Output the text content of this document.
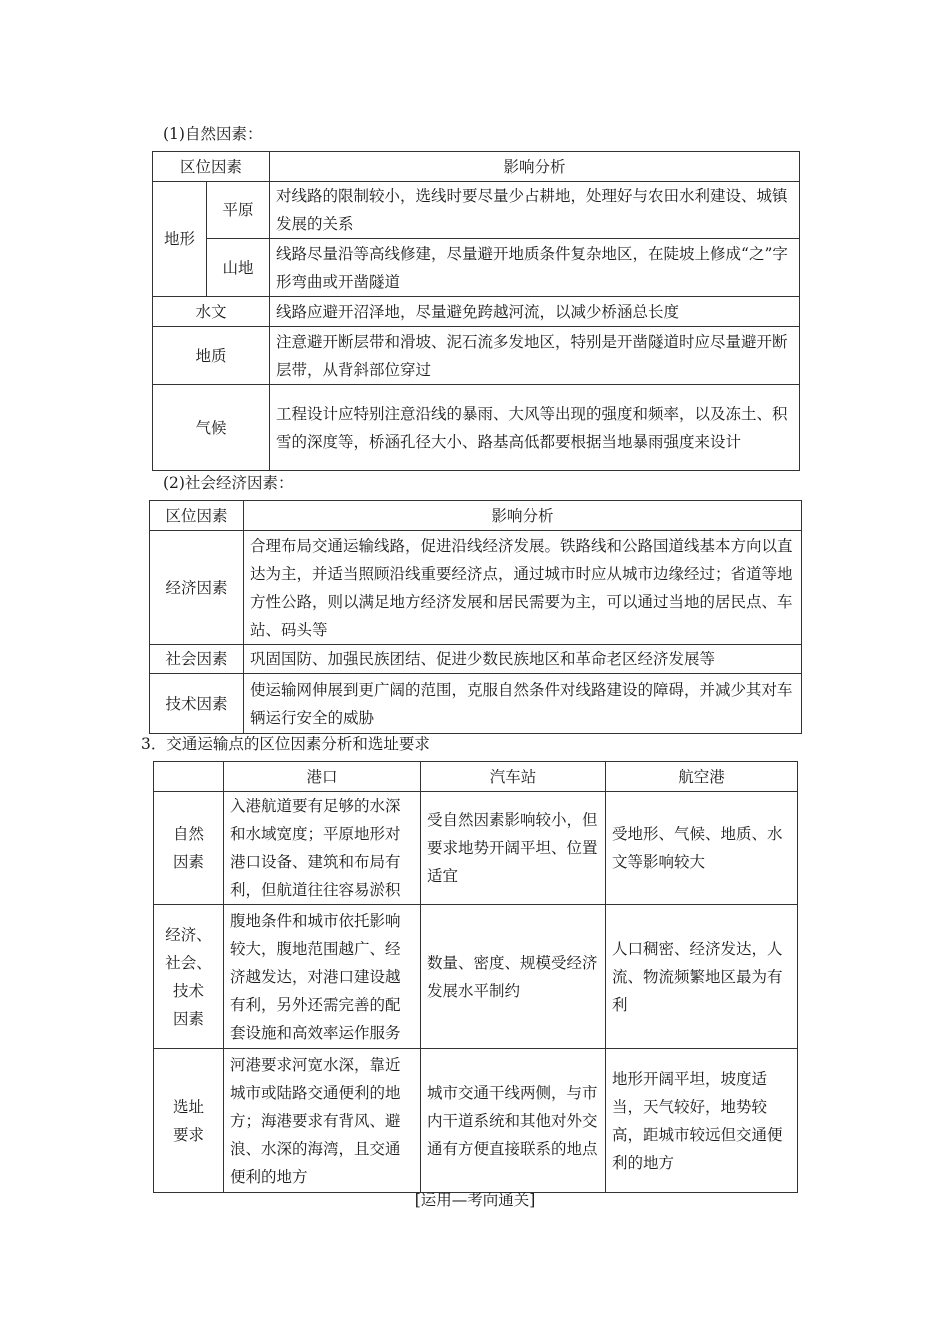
(1)自然因素：
区位因素		影响分析
地形	平原	对线路的限制较小，选线时要尽量少占耕地，处理好与农田水利建设、城镇发展的关系
	山地	线路尽量沿等高线修建，尽量避开地质条件复杂地区，在陡坡上修成“之”字形弯曲或开凿隧道
水文		线路应避开沼泽地，尽量避免跨越河流，以减少桥涵总长度
地质		注意避开断层带和滑坡、泥石流多发地区，特别是开凿隧道时应尽量避开断层带，从背斜部位穿过
气候		工程设计应特别注意沿线的暴雨、大风等出现的强度和频率，以及冻土、积雪的深度等，桥涵孔径大小、路基高低都要根据当地暴雨强度来设计
(2)社会经济因素：
区位因素	影响分析
经济因素	合理布局交通运输线路，促进沿线经济发展。铁路线和公路国道线基本方向以直达为主，并适当照顾沿线重要经济点，通过城市时应从城市边缘经过；省道等地方性公路，则以满足地方经济发展和居民需要为主，可以通过当地的居民点、车站、码头等
社会因素	巩固国防、加强民族团结、促进少数民族地区和革命老区经济发展等
技术因素	使运输网伸展到更广阔的范围，克服自然条件对线路建设的障碍，并减少其对车辆运行安全的威胁
3．交通运输点的区位因素分析和选址要求
	港口	汽车站	航空港

自然
因素	入港航道要有足够的水深和水域宽度；平原地形对港口设备、建筑和布局有利，但航道往往容易淤积	受自然因素影响较小，但要求地势开阔平坦、位置适宜	受地形、气候、地质、水文等影响较大

经济、
社会、
技术
因素	腹地条件和城市依托影响较大，腹地范围越广、经济越发达，对港口建设越有利，另外还需完善的配套设施和高效率运作服务	数量、密度、规模受经济发展水平制约	人口稠密、经济发达，人流、物流频繁地区最为有利

选址
要求	河港要求河宽水深，靠近城市或陆路交通便利的地方；海港要求有背风、避浪、水深的海湾，且交通便利的地方	城市交通干线两侧，与市内干道系统和其他对外交通有方便直接联系的地点	地形开阔平坦，坡度适当，天气较好，地势较高，距城市较远但交通便利的地方
[运用—考向通关]
